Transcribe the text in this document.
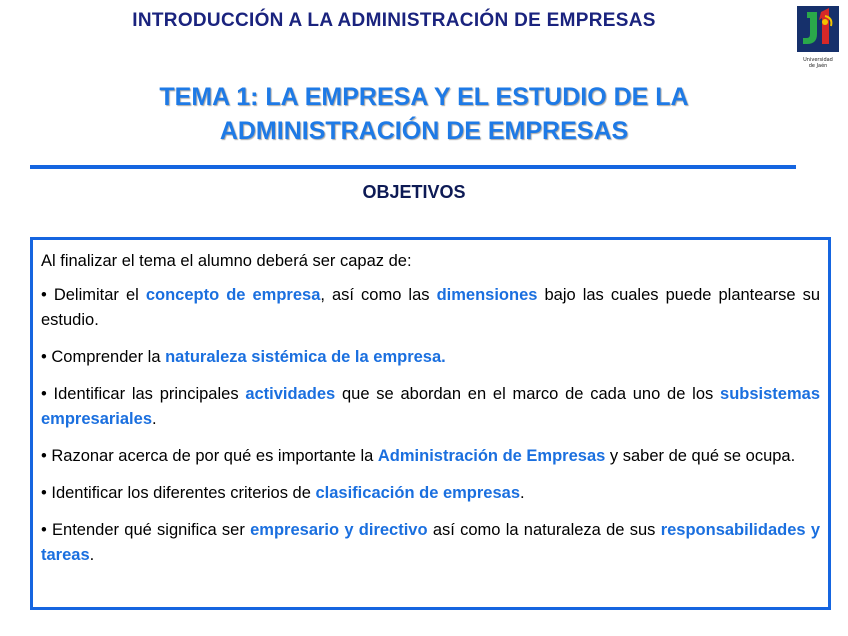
INTRODUCCIÓN A LA ADMINISTRACIÓN DE EMPRESAS
Universidad
de Jaén
TEMA 1: LA EMPRESA Y EL ESTUDIO DE LA
ADMINISTRACIÓN DE EMPRESAS
OBJETIVOS

Al finalizar el tema el alumno deberá ser capaz de:

• Delimitar el concepto de empresa, así como las dimensiones bajo las cuales puede plantearse su estudio.

• Comprender la naturaleza sistémica de la empresa.

• Identificar las principales actividades que se abordan en el marco de cada uno de los subsistemas empresariales.

• Razonar acerca de por qué es importante la Administración de Empresas y saber de qué se ocupa.

• Identificar los diferentes criterios de clasificación de empresas.

• Entender qué significa ser empresario y directivo así como la naturaleza de sus responsabilidades y tareas.
